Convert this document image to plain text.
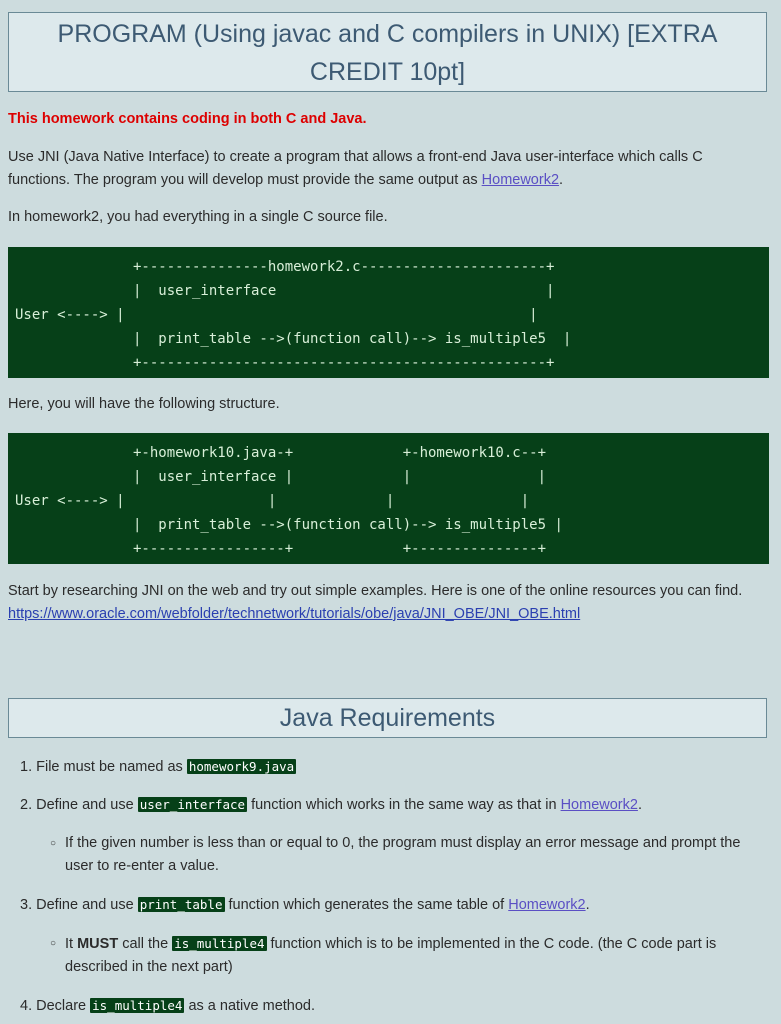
PROGRAM (Using javac and C compilers in UNIX) [EXTRA
CREDIT 10pt]

This homework contains coding in both C and Java.

Use JNI (Java Native Interface) to create a program that allows a front-end Java user-interface which calls C functions. The program you will develop must provide the same output as Homework2.

In homework2, you had everything in a single C source file.

+---------------homework2.c----------------------+
|  user_interface                                |
User <----> |                                                |
|  print_table -->(function call)--> is_multiple5  |
+------------------------------------------------+

Here, you will have the following structure.

+-homework10.java-+             +-homework10.c--+
|  user_interface |             |               |
User <----> |                 |             |               |
|  print_table -->(function call)--> is_multiple5 |
+-----------------+             +---------------+

Start by researching JNI on the web and try out simple examples. Here is one of the online resources you can find. https://www.oracle.com/webfolder/technetwork/tutorials/obe/java/JNI_OBE/JNI_OBE.html

Java Requirements
1. File must be named as homework9.java
2. Define and use user_interface function which works in the same way as that in Homework2.
○ If the given number is less than or equal to 0, the program must display an error message and prompt the user to re-enter a value.
3. Define and use print_table function which generates the same table of Homework2.
○ It MUST call the is_multiple4 function which is to be implemented in the C code. (the C code part is described in the next part)
4. Declare is_multiple4 as a native method.
